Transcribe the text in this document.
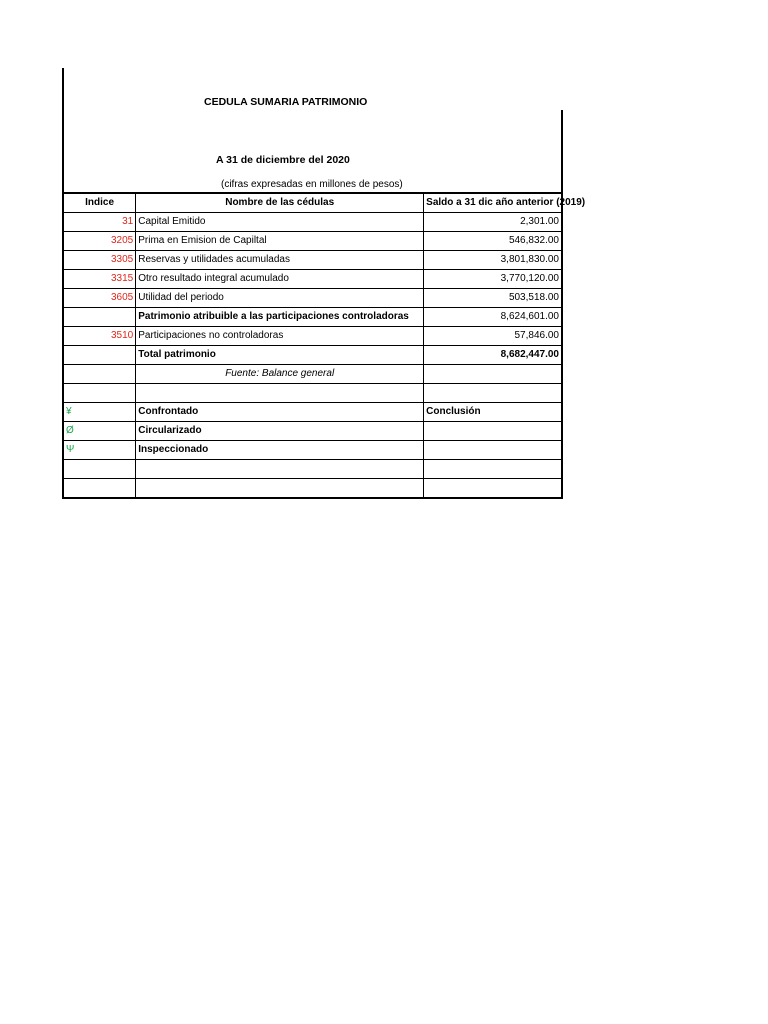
CEDULA SUMARIA PATRIMONIO
A 31 de diciembre del 2020
(cifras expresadas en millones de pesos)
Indice	Nombre de las cédulas	Saldo a 31 dic año anterior (2019)
31	Capital Emitido	2,301.00
3205	Prima en Emision de Capiltal	546,832.00
3305	Reservas y utilidades acumuladas	3,801,830.00
3315	Otro resultado integral acumulado	3,770,120.00
3605	Utilidad del periodo	503,518.00
	Patrimonio atribuible a las participaciones controladoras	8,624,601.00
3510	Participaciones no controladoras	57,846.00
	Total patrimonio	8,682,447.00
	Fuente: Balance general	

¥	Confrontado	Conclusión
Ø	Circularizado	
Ψ	Inspeccionado	
